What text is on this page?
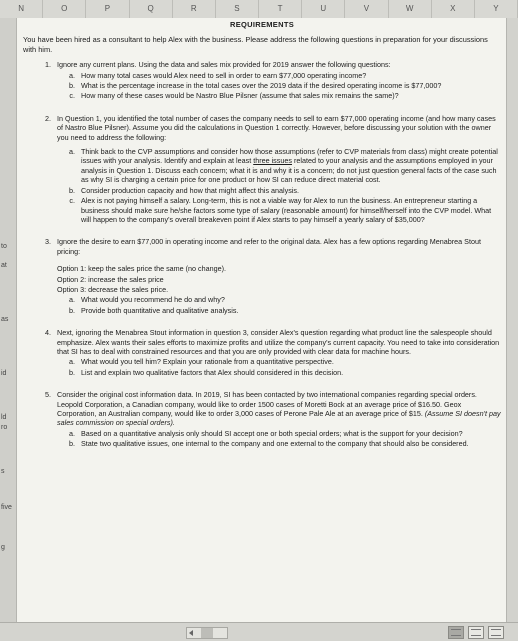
N	O	P	Q	R	S	T	U	V	W	X	Y
to
at
as
id
ld
ro
s
five
g
REQUIREMENTS

You have been hired as a consultant to help Alex with the business. Please address the following questions in preparation for your discussions with him.

1. Ignore any current plans. Using the data and sales mix provided for 2019 answer the following questions:

a. How many total cases would Alex need to sell in order to earn $77,000 operating income?
b. What is the percentage increase in the total cases over the 2019 data if the desired operating income is $77,000?
c. How many of these cases would be Nastro Blue Pilsner (assume that sales mix remains the same)?
2. In Question 1, you identified the total number of cases the company needs to sell to earn $77,000 operating income (and how many cases of Nastro Blue Pilsner). Assume you did the calculations in Question 1 correctly. However, before discussing your solution with the owner you need to address the following:

a. Think back to the CVP assumptions and consider how those assumptions (refer to CVP materials from class) might create potential issues with your analysis. Identify and explain at least three issues related to your analysis and the assumptions employed in your analysis in Question 1. Discuss each concern; what it is and why it is a concern; do not just question general facts of the case such as why SI is charging a certain price for one product or how SI can reduce direct material cost.
b. Consider production capacity and how that might affect this analysis.
c. Alex is not paying himself a salary. Long-term, this is not a viable way for Alex to run the business. An entrepreneur starting a business should make sure he/she factors some type of salary (reasonable amount) for himself/herself into the CVP model. What will happen to the company's overall breakeven point if Alex starts to pay himself a yearly salary of $35,000?
3. Ignore the desire to earn $77,000 in operating income and refer to the original data. Alex has a few options regarding Menabrea Stout pricing:

Option 1: keep the sales price the same (no change).

Option 2: increase the sales price

Option 3: decrease the sales price.

a. What would you recommend he do and why?
b. Provide both quantitative and qualitative analysis.
4. Next, ignoring the Menabrea Stout information in question 3, consider Alex's question regarding what product line the salespeople should emphasize. Alex wants their sales efforts to maximize profits and utilize the company's current capacity. You need to take into consideration that SI has to deal with constrained resources and that you are only provided with clear data for machine hours.

a. What would you tell him? Explain your rationale from a quantitative perspective.
b. List and explain two qualitative factors that Alex should considered in this decision.
5. Consider the original cost information data. In 2019, SI has been contacted by two international companies regarding special orders. Leopold Corporation, a Canadian company, would like to order 1500 cases of Moretti Bock at an average price of $16.50. Geox Corporation, an Australian company, would like to order 3,000 cases of Perone Pale Ale at an average price of $15. (Assume SI doesn't pay sales commission on special orders).

a. Based on a quantitative analysis only should SI accept one or both special orders; what is the support for your decision?
b. State two qualitative issues, one internal to the company and one external to the company that should also be considered.
